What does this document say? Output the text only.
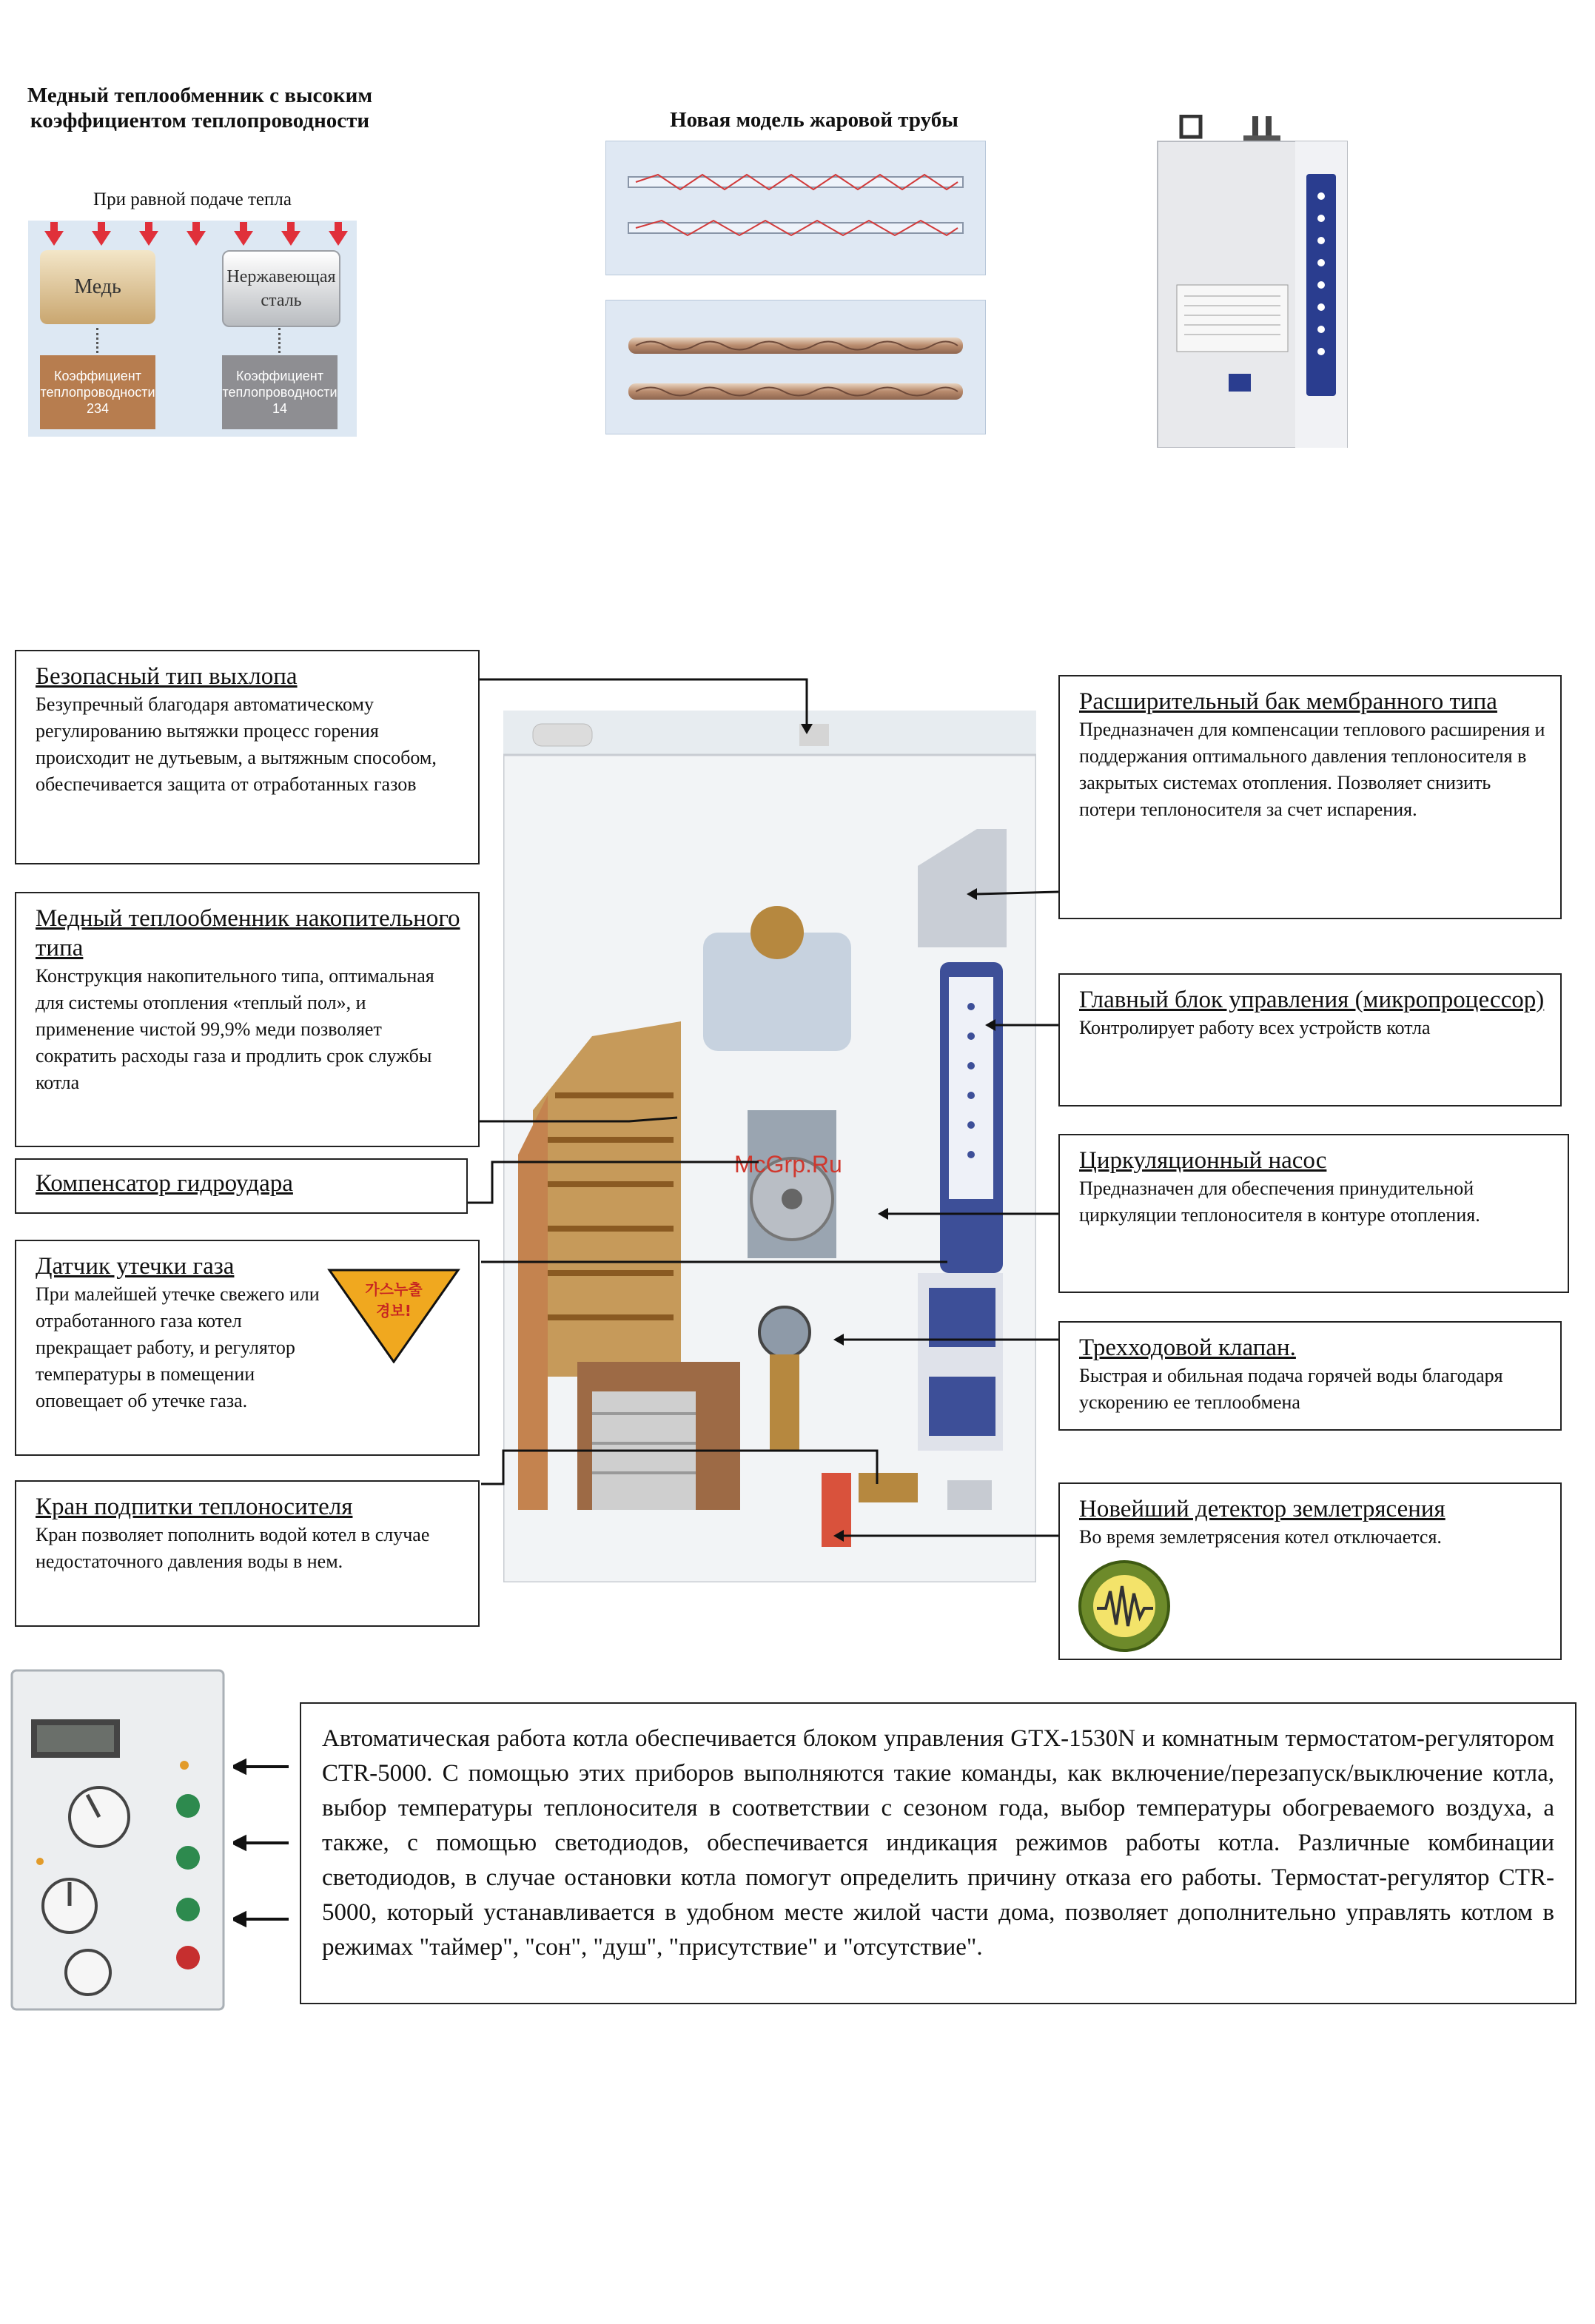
Медный теплообменник с высоким коэффициентом теплопроводности
При равной подаче тепла
Медь	Нержавеющая сталь
Коэффициент теплопроводности 234
Коэффициент теплопроводности 14
Новая модель жаровой трубы
McGrp.Ru
Безопасный тип выхлопа
Безупречный благодаря автоматическому регулированию вытяжки процесс горения происходит не дутьевым, а вытяжным способом, обеспечивается защита от отработанных газов
Медный теплообменник накопительного типа
Конструкция накопительного типа, оптимальная для системы отопления «теплый пол», и применение чистой 99,9% меди позволяет сократить расходы газа и продлить срок службы котла
Компенсатор гидроудара
Датчик утечки газа
При малейшей утечке свежего или отработанного газа котел прекращает работу, и регулятор температуры в помещении оповещает об утечке газа.
가스누출경보!
Кран подпитки теплоносителя
Кран позволяет пополнить водой котел в случае недостаточного давления воды в нем.
Расширительный бак мембранного типа
Предназначен для компенсации теплового расширения и поддержания оптимального давления теплоносителя в закрытых системах отопления. Позволяет снизить потери теплоносителя за счет испарения.
Главный блок управления (микропроцессор)
Контролирует работу всех устройств котла
Циркуляционный насос
Предназначен для обеспечения принудительной циркуляции теплоносителя в контуре отопления.
Трехходовой клапан.
Быстрая и обильная подача горячей воды благодаря ускорению ее теплообмена
Новейший детектор землетрясения
Во время землетрясения котел отключается.
Автоматическая работа котла обеспечивается блоком управления GTX-1530N и комнатным термостатом-регулятором CTR-5000. С помощью этих приборов выполняются такие команды, как включение/перезапуск/выключение котла, выбор температуры теплоносителя в соответствии с сезоном года, выбор температуры обогреваемого воздуха, а также, с помощью светодиодов, обеспечивается индикация режимов работы котла. Различные комбинации светодиодов, в случае остановки котла помогут определить причину отказа его работы. Термостат-регулятор CTR-5000, который устанавливается в удобном месте жилой части дома, позволяет дополнительно управлять котлом в режимах "таймер", "сон", "душ", "присутствие" и "отсутствие".
